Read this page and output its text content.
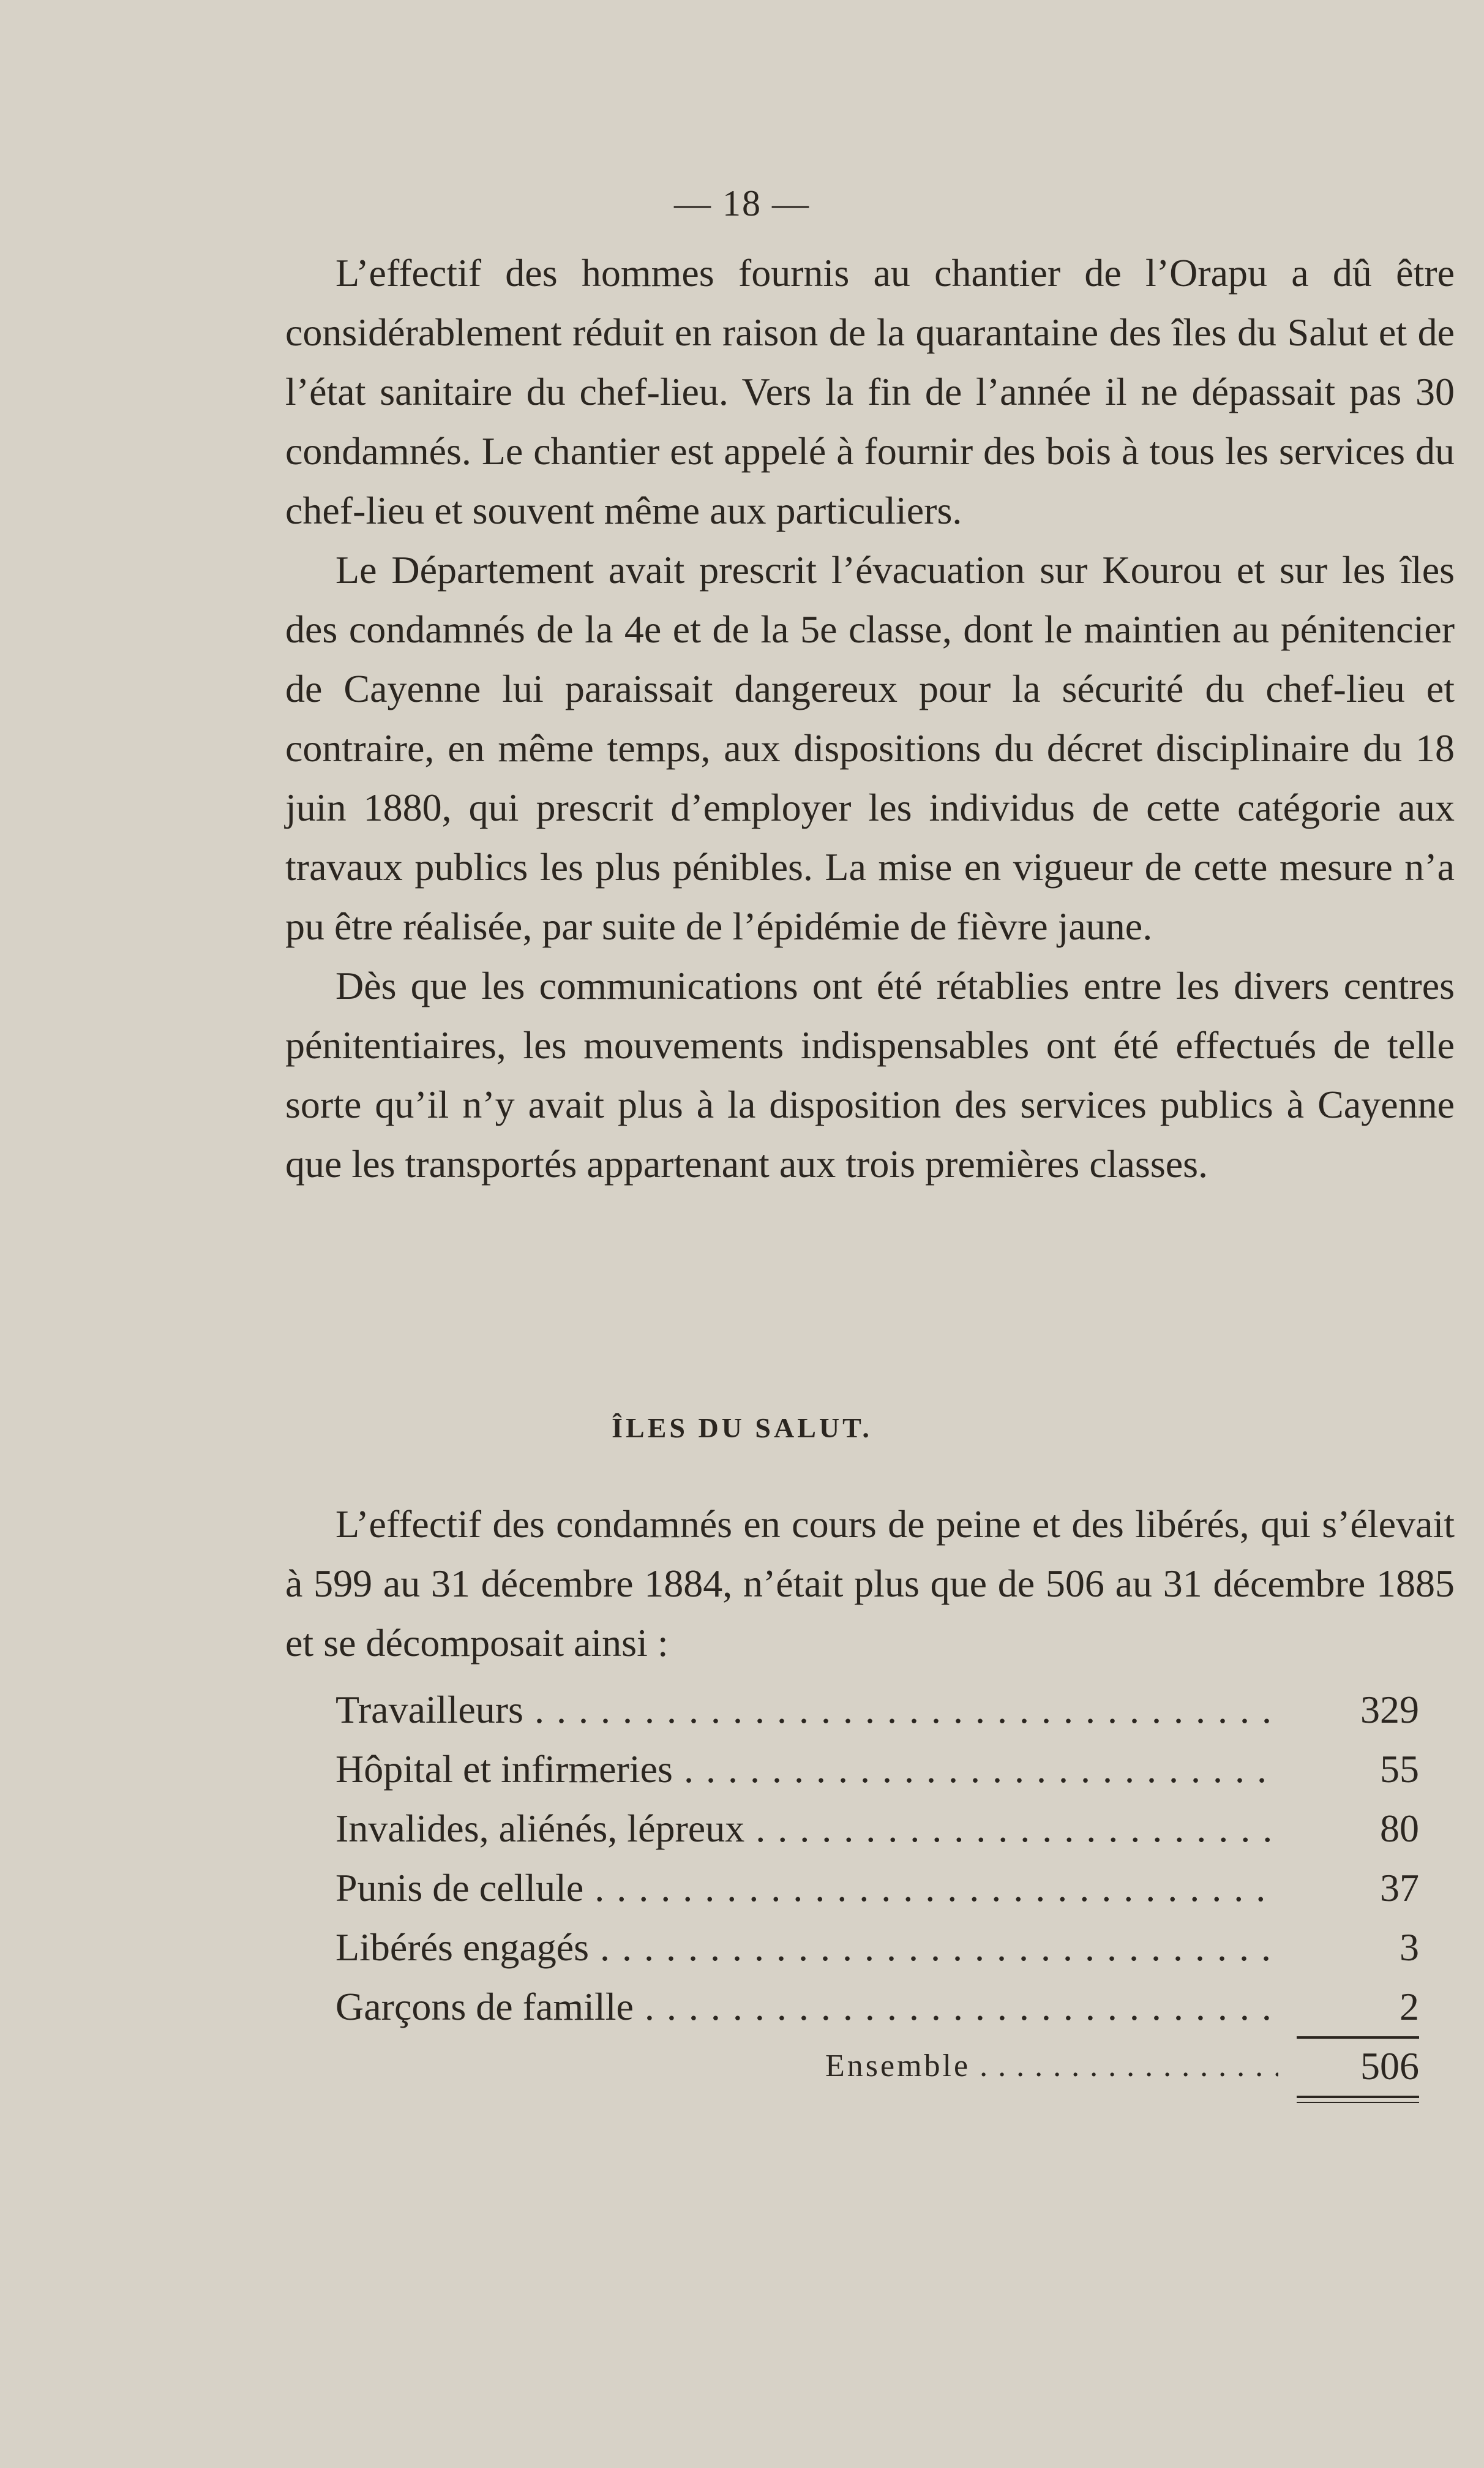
— 18 —

L’effectif des hommes fournis au chantier de l’Orapu a dû être considérablement réduit en raison de la quarantaine des îles du Salut et de l’état sanitaire du chef-lieu. Vers la fin de l’année il ne dépassait pas 30 condamnés. Le chantier est appelé à fournir des bois à tous les services du chef-lieu et souvent même aux particuliers.

Le Département avait prescrit l’évacuation sur Kourou et sur les îles des condamnés de la 4e et de la 5e classe, dont le maintien au pénitencier de Cayenne lui paraissait dangereux pour la sécurité du chef-lieu et contraire, en même temps, aux dispositions du décret disciplinaire du 18 juin 1880, qui prescrit d’employer les individus de cette catégorie aux travaux publics les plus pénibles. La mise en vigueur de cette mesure n’a pu être réalisée, par suite de l’épidémie de fièvre jaune.

Dès que les communications ont été rétablies entre les divers centres pénitentiaires, les mouvements indispensables ont été effectués de telle sorte qu’il n’y avait plus à la disposition des services publics à Cayenne que les transportés appartenant aux trois premières classes.

ÎLES DU SALUT.

L’effectif des condamnés en cours de peine et des libérés, qui s’élevait à 599 au 31 décembre 1884, n’était plus que de 506 au 31 décembre 1885 et se décomposait ainsi :

Travailleurs . . .	329
Hôpital et infirmeries . . .	55
Invalides, aliénés, lépreux . . .	80
Punis de cellule . . .	37
Libérés engagés . . .	3
Garçons de famille . . .	2
Ensemble . . .	506
